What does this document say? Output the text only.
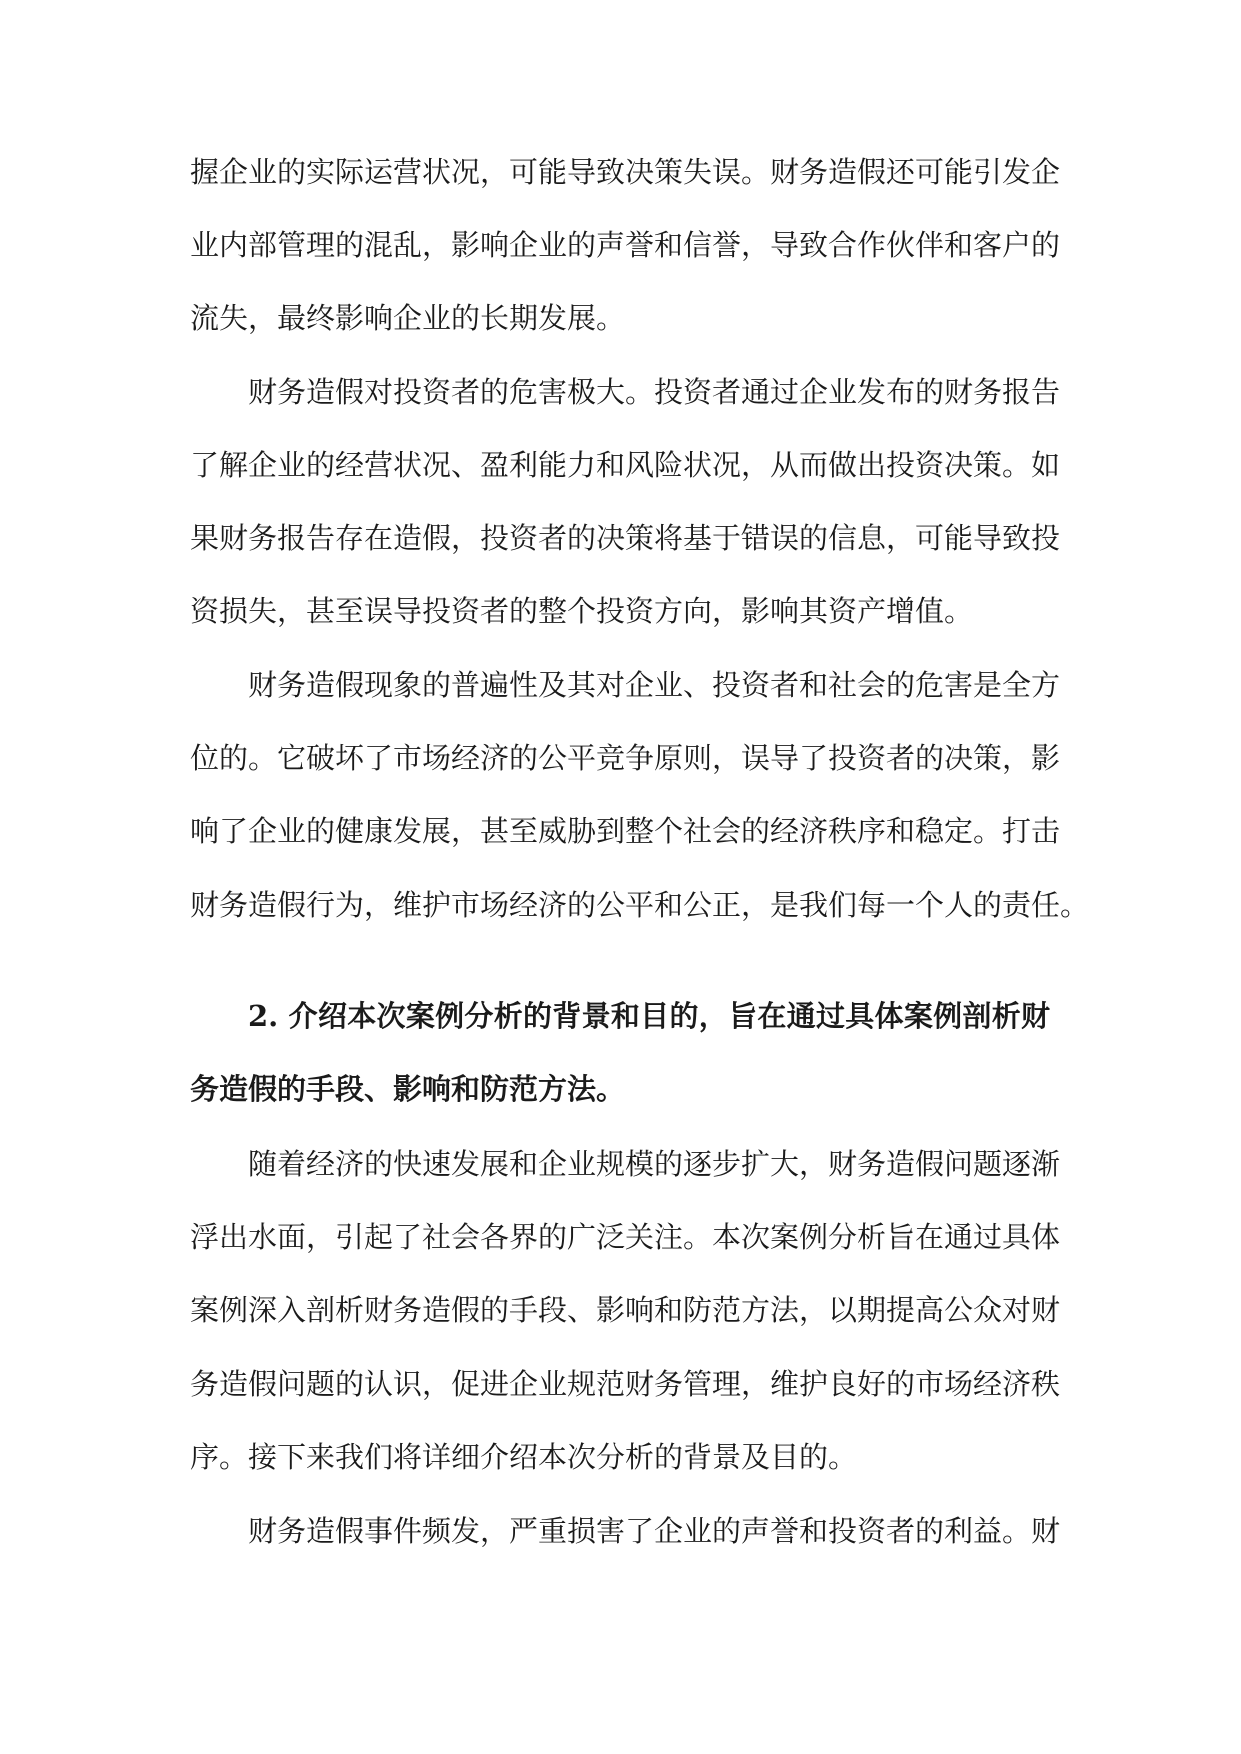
握企业的实际运营状况，可能导致决策失误。财务造假还可能引发企
业内部管理的混乱，影响企业的声誉和信誉，导致合作伙伴和客户的
流失，最终影响企业的长期发展。
财务造假对投资者的危害极大。投资者通过企业发布的财务报告
了解企业的经营状况、盈利能力和风险状况，从而做出投资决策。如
果财务报告存在造假，投资者的决策将基于错误的信息，可能导致投
资损失，甚至误导投资者的整个投资方向，影响其资产增值。
财务造假现象的普遍性及其对企业、投资者和社会的危害是全方
位的。它破坏了市场经济的公平竞争原则，误导了投资者的决策，影
响了企业的健康发展，甚至威胁到整个社会的经济秩序和稳定。打击
财务造假行为，维护市场经济的公平和公正，是我们每一个人的责任。
2. 介绍本次案例分析的背景和目的，旨在通过具体案例剖析财
务造假的手段、影响和防范方法。
随着经济的快速发展和企业规模的逐步扩大，财务造假问题逐渐
浮出水面，引起了社会各界的广泛关注。本次案例分析旨在通过具体
案例深入剖析财务造假的手段、影响和防范方法，以期提高公众对财
务造假问题的认识，促进企业规范财务管理，维护良好的市场经济秩
序。接下来我们将详细介绍本次分析的背景及目的。
财务造假事件频发，严重损害了企业的声誉和投资者的利益。财
